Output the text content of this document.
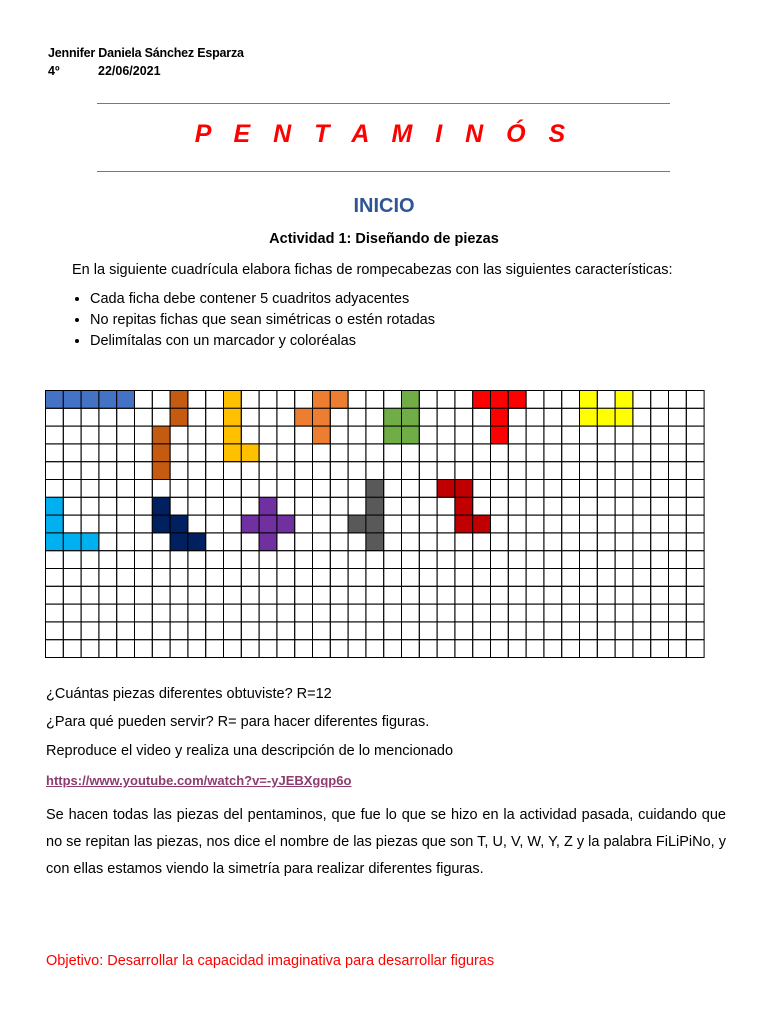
Jennifer Daniela Sánchez Esparza
4º	22/06/2021
P E N T A M I N Ó S
INICIO
Actividad 1: Diseñando de piezas
En la siguiente cuadrícula elabora fichas de rompecabezas con las siguientes características:
• Cada ficha debe contener 5 cuadritos adyacentes
• No repitas fichas que sean simétricas o estén rotadas
• Delimítalas con un marcador y coloréalas
¿Cuántas piezas diferentes obtuviste? R=12
¿Para qué pueden servir? R= para hacer diferentes figuras.
Reproduce el video y realiza una descripción de lo mencionado
https://www.youtube.com/watch?v=-yJEBXgqp6o
Se hacen todas las piezas del pentaminos, que fue lo que se hizo en la actividad pasada, cuidando que no se repitan las piezas, nos dice el nombre de las piezas que son T, U, V, W, Y, Z y la palabra FiLiPiNo, y con ellas estamos viendo la simetría para realizar diferentes figuras.
Objetivo: Desarrollar la capacidad imaginativa para desarrollar figuras
